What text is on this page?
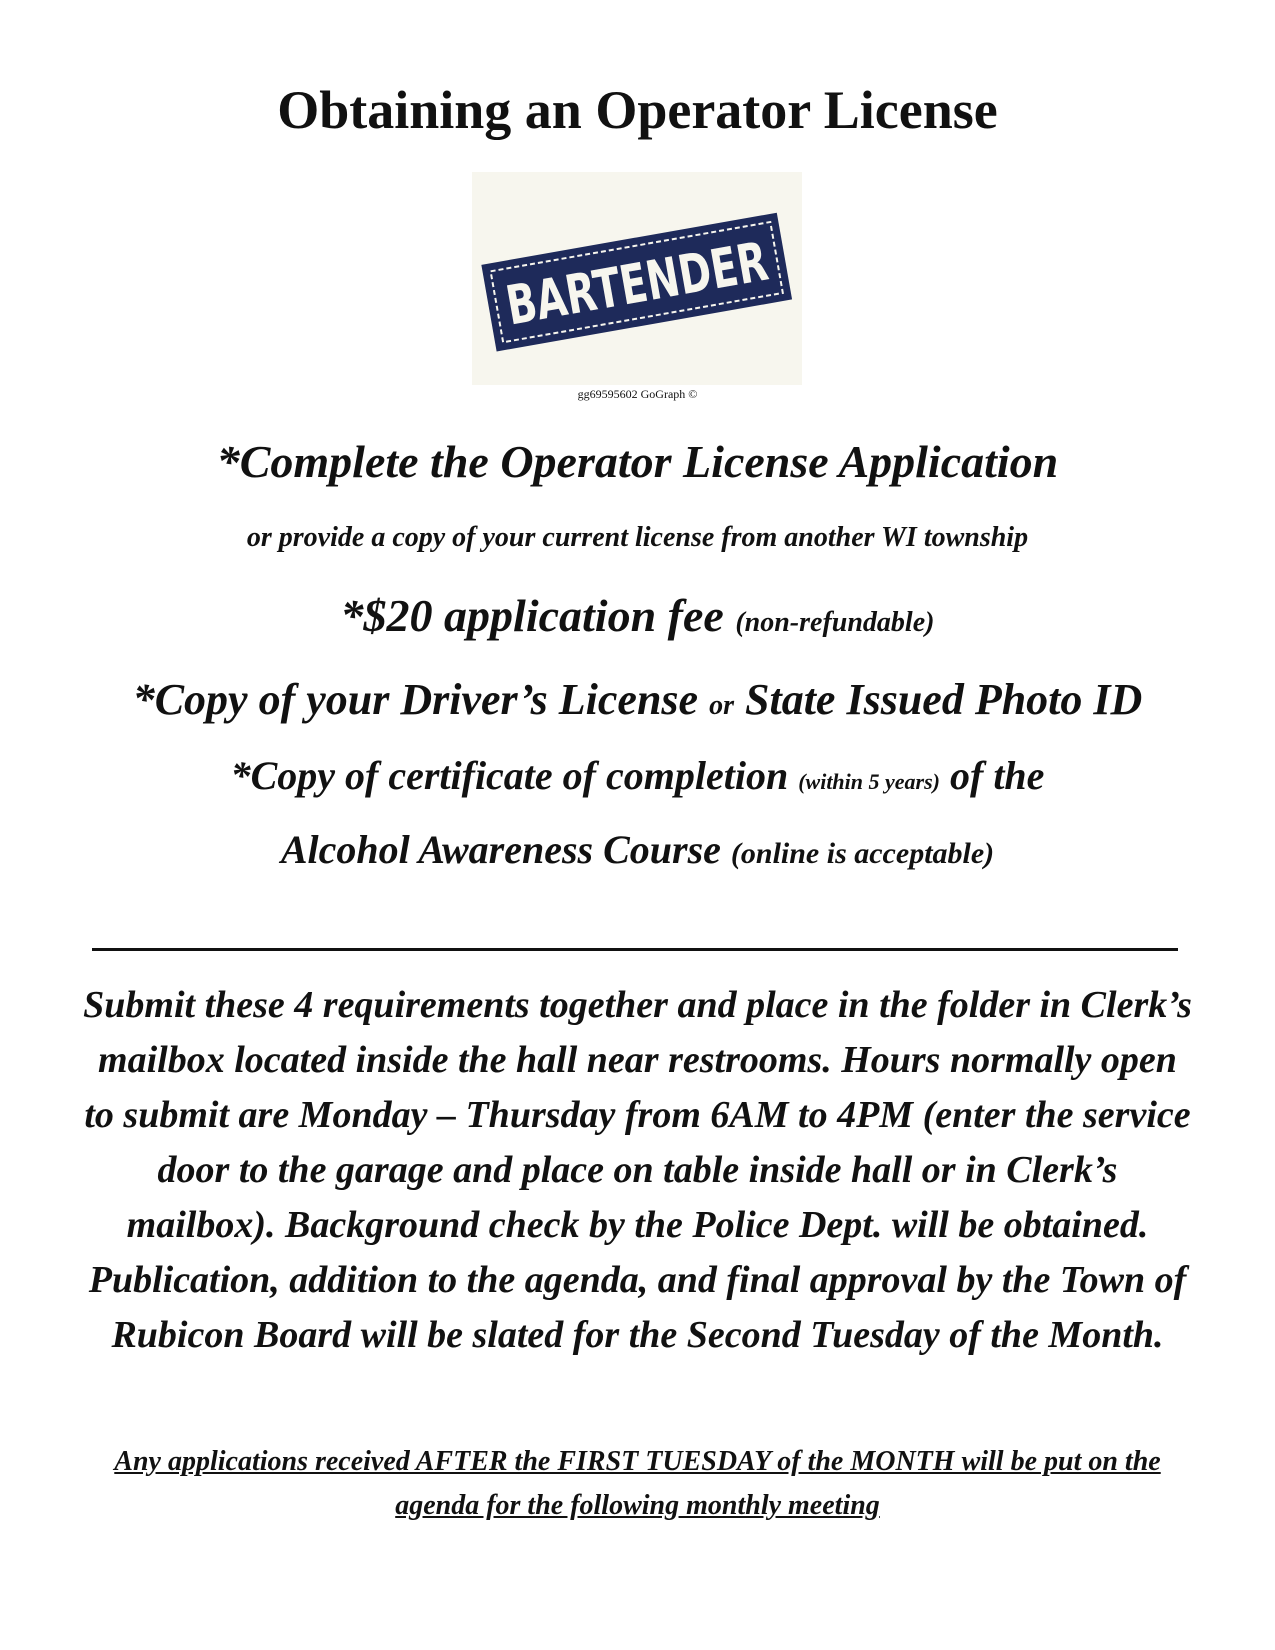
Obtaining an Operator License
BARTENDER
gg69595602 GoGraph ©
*Complete the Operator License Application
or provide a copy of your current license from another WI township
*$20 application fee (non-refundable)
*Copy of your Driver’s License or State Issued Photo ID
*Copy of certificate of completion (within 5 years) of the
Alcohol Awareness Course (online is acceptable)
Submit these 4 requirements together and place in the folder in Clerk’s mailbox located inside the hall near restrooms. Hours normally open to submit are Monday – Thursday from 6AM to 4PM (enter the service door to the garage and place on table inside hall or in Clerk’s mailbox). Background check by the Police Dept. will be obtained. Publication, addition to the agenda, and final approval by the Town of Rubicon Board will be slated for the Second Tuesday of the Month.
Any applications received AFTER the FIRST TUESDAY of the MONTH will be put on the agenda for the following monthly meeting
